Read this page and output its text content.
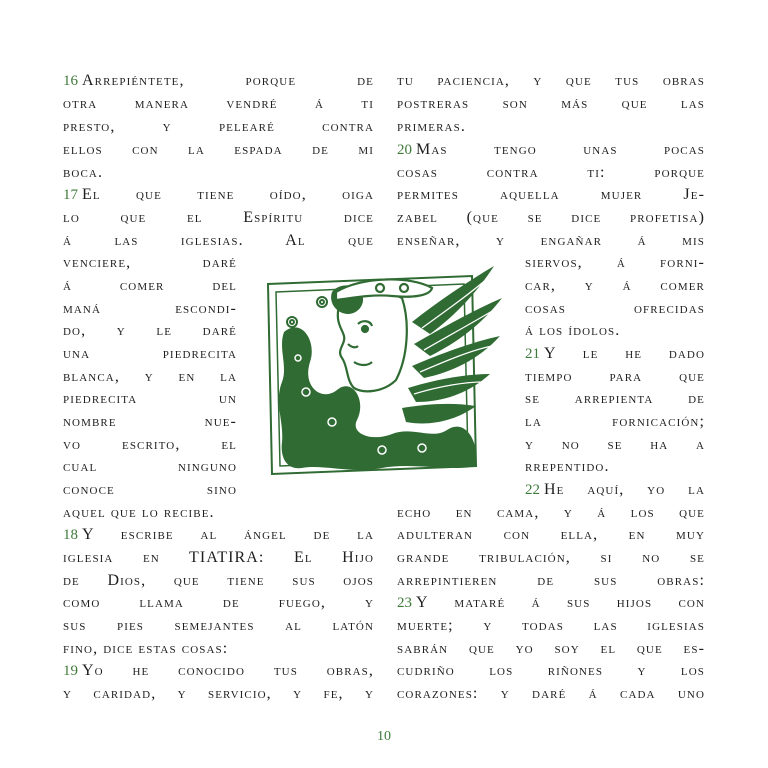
16 Arrepiéntete, porque de
otra manera vendré á ti
presto, y pelearé contra
ellos con la espada de mi
boca.
17 El que tiene oído, oiga
lo que el Espíritu dice
á las iglesias. Al que
venciere, daré
á comer del
maná escondi-
do, y le daré
una piedrecita
blanca, y en la
piedrecita un
nombre nue-
vo escrito, el
cual ninguno
conoce sino
aquel que lo recibe.
18 Y escribe al ángel de la
iglesia en TIATIRA: El Hijo
de Dios, que tiene sus ojos
como llama de fuego, y
sus pies semejantes al latón
fino, dice estas cosas:
19 Yo he conocido tus obras,
y caridad, y servicio, y fe, y
tu paciencia, y que tus obras
postreras son más que las
primeras.
20 Mas tengo unas pocas
cosas contra ti: porque
permites aquella mujer Je-
zabel (que se dice profetisa)
enseñar, y engañar á mis
siervos, á forni-
car, y á comer
cosas ofrecidas
á los ídolos.
21 Y le he dado
tiempo para que
se arrepienta de
la fornicación;
y no se ha a
rrepentido.
22 He aquí, yo la
echo en cama, y á los que
adulteran con ella, en muy
grande tribulación, si no se
arrepintieren de sus obras:
23 Y mataré á sus hijos con
muerte; y todas las iglesias
sabrán que yo soy el que es-
cudriño los riñones y los
corazones: y daré á cada uno
10
